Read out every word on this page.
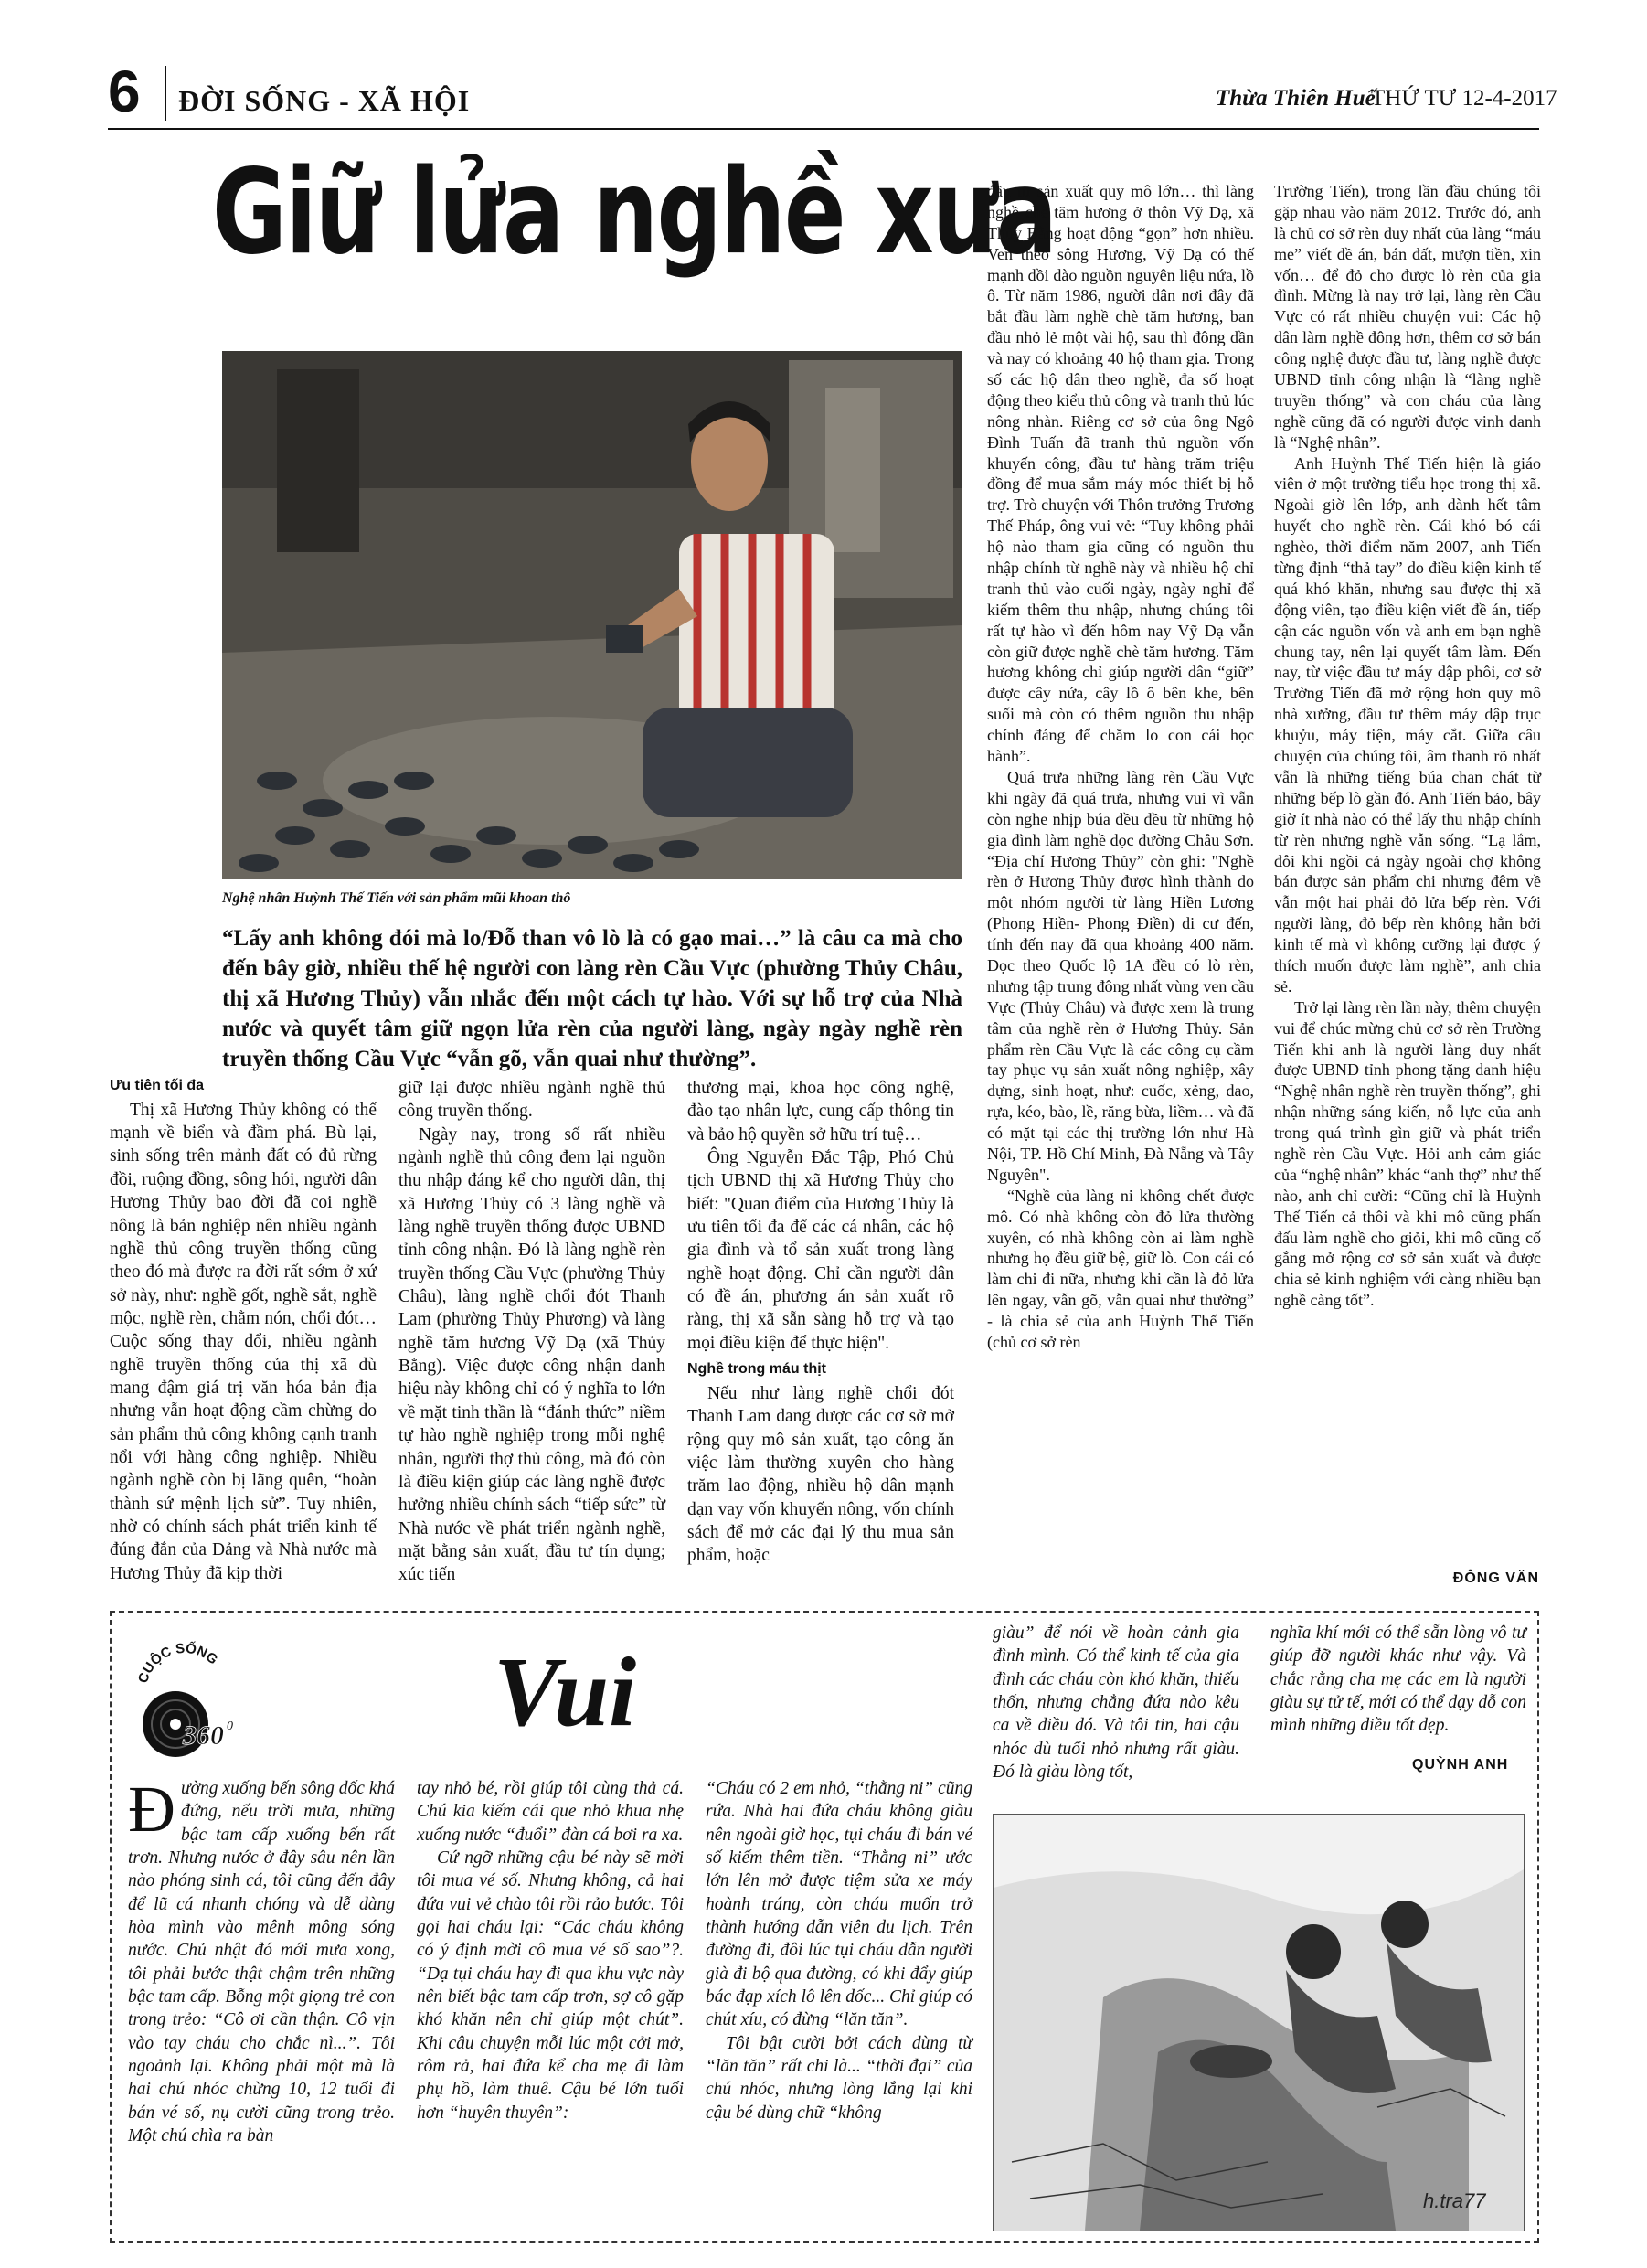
6 ĐỜI SỐNG - XÃ HỘI	Thừa Thiên Huế
THỨ TƯ 12-4-2017
Giữ lửa nghề xưa
Nghệ nhân Huỳnh Thế Tiến với sản phẩm mũi khoan thô
“Lấy anh không đói mà lo/Đỗ than vô lò là có gạo mai…” là câu ca mà cho đến bây giờ, nhiều thế hệ người con làng rèn Cầu Vực (phường Thủy Châu, thị xã Hương Thủy) vẫn nhắc đến một cách tự hào. Với sự hỗ trợ của Nhà nước và quyết tâm giữ ngọn lửa rèn của người làng, ngày ngày nghề rèn truyền thống Cầu Vực “vẫn gõ, vẫn quai như thường”.
Ưu tiên tối đa

Thị xã Hương Thủy không có thế mạnh về biển và đầm phá. Bù lại, sinh sống trên mảnh đất có đủ rừng đồi, ruộng đồng, sông hói, người dân Hương Thủy bao đời đã coi nghề nông là bản nghiệp nên nhiều ngành nghề thủ công truyền thống cũng theo đó mà được ra đời rất sớm ở xứ sở này, như: nghề gốt, nghề sắt, nghề mộc, nghề rèn, chằm nón, chổi đót… Cuộc sống thay đổi, nhiều ngành nghề truyền thống của thị xã dù mang đậm giá trị văn hóa bản địa nhưng vẫn hoạt động cầm chừng do sản phẩm thủ công không cạnh tranh nổi với hàng công nghiệp. Nhiều ngành nghề còn bị lãng quên, “hoàn thành sứ mệnh lịch sử”. Tuy nhiên, nhờ có chính sách phát triển kinh tế đúng đắn của Đảng và Nhà nước mà Hương Thủy đã kịp thời

giữ lại được nhiều ngành nghề thủ công truyền thống.

Ngày nay, trong số rất nhiều ngành nghề thủ công đem lại nguồn thu nhập đáng kể cho người dân, thị xã Hương Thủy có 3 làng nghề và làng nghề truyền thống được UBND tỉnh công nhận. Đó là làng nghề rèn truyền thống Cầu Vực (phường Thủy Châu), làng nghề chổi đót Thanh Lam (phường Thủy Phương) và làng nghề tăm hương Vỹ Dạ (xã Thủy Bằng). Việc được công nhận danh hiệu này không chỉ có ý nghĩa to lớn về mặt tinh thần là “đánh thức” niềm tự hào nghề nghiệp trong mỗi nghệ nhân, người thợ thủ công, mà đó còn là điều kiện giúp các làng nghề được hưởng nhiều chính sách “tiếp sức” từ Nhà nước về phát triển ngành nghề, mặt bằng sản xuất, đầu tư tín dụng; xúc tiến

thương mại, khoa học công nghệ, đào tạo nhân lực, cung cấp thông tin và bảo hộ quyền sở hữu trí tuệ…

Ông Nguyễn Đắc Tập, Phó Chủ tịch UBND thị xã Hương Thủy cho biết: "Quan điểm của Hương Thủy là ưu tiên tối đa để các cá nhân, các hộ gia đình và tổ sản xuất trong làng nghề hoạt động. Chỉ cần người dân có đề án, phương án sản xuất rõ ràng, thị xã sẵn sàng hỗ trợ và tạo mọi điều kiện để thực hiện".

Nghề trong máu thịt

Nếu như làng nghề chổi đót Thanh Lam đang được các cơ sở mở rộng quy mô sản xuất, tạo công ăn việc làm thường xuyên cho hàng trăm lao động, nhiều hộ dân mạnh dạn vay vốn khuyến nông, vốn chính sách để mở các đại lý thu mua sản phẩm, hoặc

đầu tư sản xuất quy mô lớn… thì làng nghề chè tăm hương ở thôn Vỹ Dạ, xã Thủy Bằng hoạt động “gọn” hơn nhiều. Ven theo sông Hương, Vỹ Dạ có thế mạnh dồi dào nguồn nguyên liệu nứa, lồ ô. Từ năm 1986, người dân nơi đây đã bắt đầu làm nghề chè tăm hương, ban đầu nhỏ lẻ một vài hộ, sau thì đông dần và nay có khoảng 40 hộ tham gia. Trong số các hộ dân theo nghề, đa số hoạt động theo kiểu thủ công và tranh thủ lúc nông nhàn. Riêng cơ sở của ông Ngô Đình Tuấn đã tranh thủ nguồn vốn khuyến công, đầu tư hàng trăm triệu đồng để mua sắm máy móc thiết bị hỗ trợ. Trò chuyện với Thôn trưởng Trương Thế Pháp, ông vui vẻ: “Tuy không phải hộ nào tham gia cũng có nguồn thu nhập chính từ nghề này và nhiều hộ chỉ tranh thủ vào cuối ngày, ngày nghỉ để kiếm thêm thu nhập, nhưng chúng tôi rất tự hào vì đến hôm nay Vỹ Dạ vẫn còn giữ được nghề chè tăm hương. Tăm hương không chỉ giúp người dân “giữ” được cây nứa, cây lồ ô bên khe, bên suối mà còn có thêm nguồn thu nhập chính đáng để chăm lo con cái học hành”.

Quá trưa những làng rèn Cầu Vực khi ngày đã quá trưa, nhưng vui vì vẫn còn nghe nhịp búa đều đều từ những hộ gia đình làm nghề dọc đường Châu Sơn. “Địa chí Hương Thủy” còn ghi: "Nghề rèn ở Hương Thủy được hình thành do một nhóm người từ làng Hiền Lương (Phong Hiền- Phong Điền) di cư đến, tính đến nay đã qua khoảng 400 năm. Dọc theo Quốc lộ 1A đều có lò rèn, nhưng tập trung đông nhất vùng ven cầu Vực (Thủy Châu) và được xem là trung tâm của nghề rèn ở Hương Thủy. Sản phẩm rèn Cầu Vực là các công cụ cầm tay phục vụ sản xuất nông nghiệp, xây dựng, sinh hoạt, như: cuốc, xẻng, dao, rựa, kéo, bào, lề, răng bừa, liềm… và đã có mặt tại các thị trường lớn như Hà Nội, TP. Hồ Chí Minh, Đà Nẵng và Tây Nguyên".

“Nghề của làng ni không chết được mô. Có nhà không còn đỏ lửa thường xuyên, có nhà không còn ai làm nghề nhưng họ đều giữ bệ, giữ lò. Con cái có làm chi đi nữa, nhưng khi cần là đỏ lửa lên ngay, vẫn gõ, vẫn quai như thường” - là chia sẻ của anh Huỳnh Thế Tiến (chủ cơ sở rèn

Trường Tiến), trong lần đầu chúng tôi gặp nhau vào năm 2012. Trước đó, anh là chủ cơ sở rèn duy nhất của làng “máu me” viết đề án, bán đất, mượn tiền, xin vốn… để đỏ cho được lò rèn của gia đình. Mừng là nay trở lại, làng rèn Cầu Vực có rất nhiều chuyện vui: Các hộ dân làm nghề đông hơn, thêm cơ sở bán công nghệ được đầu tư, làng nghề được UBND tỉnh công nhận là “làng nghề truyền thống” và con cháu của làng nghề cũng đã có người được vinh danh là “Nghệ nhân”.

Anh Huỳnh Thế Tiến hiện là giáo viên ở một trường tiểu học trong thị xã. Ngoài giờ lên lớp, anh dành hết tâm huyết cho nghề rèn. Cái khó bó cái nghèo, thời điểm năm 2007, anh Tiến từng định “thả tay” do điều kiện kinh tế quá khó khăn, nhưng sau được thị xã động viên, tạo điều kiện viết đề án, tiếp cận các nguồn vốn và anh em bạn nghề chung tay, nên lại quyết tâm làm. Đến nay, từ việc đầu tư máy dập phôi, cơ sở Trường Tiến đã mở rộng hơn quy mô nhà xưởng, đầu tư thêm máy dập trục khuỷu, máy tiện, máy cắt. Giữa câu chuyện của chúng tôi, âm thanh rõ nhất vẫn là những tiếng búa chan chát từ những bếp lò gần đó. Anh Tiến bảo, bây giờ ít nhà nào có thể lấy thu nhập chính từ rèn nhưng nghề vẫn sống. “Lạ lắm, đôi khi ngồi cả ngày ngoài chợ không bán được sản phẩm chi nhưng đêm về vẫn một hai phải đỏ lửa bếp rèn. Với người làng, đỏ bếp rèn không hẳn bởi kinh tế mà vì không cưỡng lại được ý thích muốn được làm nghề”, anh chia sẻ.

Trở lại làng rèn lần này, thêm chuyện vui để chúc mừng chủ cơ sở rèn Trường Tiến khi anh là người làng duy nhất được UBND tỉnh phong tặng danh hiệu “Nghệ nhân nghề rèn truyền thống”, ghi nhận những sáng kiến, nỗ lực của anh trong quá trình gìn giữ và phát triển nghề rèn Cầu Vực. Hỏi anh cảm giác của “nghệ nhân” khác “anh thợ” như thế nào, anh chỉ cười: “Cũng chỉ là Huỳnh Thế Tiến cả thôi và khi mô cũng phấn đấu làm nghề cho giỏi, khi mô cũng cố gắng mở rộng cơ sở sản xuất và được chia sẻ kinh nghiệm với càng nhiều bạn nghề càng tốt”.

ĐÔNG VĂN
CUỘC SỐNG
360 0	Vui

Đường xuống bến sông dốc khá đứng, nếu trời mưa, những bậc tam cấp xuống bến rất trơn. Nhưng nước ở đây sâu nên lần nào phóng sinh cá, tôi cũng đến đây để lũ cá nhanh chóng và dễ dàng hòa mình vào mênh mông sóng nước. Chủ nhật đó mới mưa xong, tôi phải bước thật chậm trên những bậc tam cấp. Bỗng một giọng trẻ con trong trẻo: “Cô ơi cần thận. Cô vịn vào tay cháu cho chắc nì...”. Tôi ngoảnh lại. Không phải một mà là hai chú nhóc chừng 10, 12 tuổi đi bán vé số, nụ cười cũng trong trẻo. Một chú chìa ra bàn

tay nhỏ bé, rồi giúp tôi cùng thả cá. Chú kia kiếm cái que nhỏ khua nhẹ xuống nước “đuổi” đàn cá bơi ra xa.

Cứ ngỡ những cậu bé này sẽ mời tôi mua vé số. Nhưng không, cả hai đứa vui vẻ chào tôi rồi rảo bước. Tôi gọi hai cháu lại: “Các cháu không có ý định mời cô mua vé số sao”?. “Dạ tụi cháu hay đi qua khu vực này nên biết bậc tam cấp trơn, sợ cô gặp khó khăn nên chỉ giúp một chút”. Khi câu chuyện mỗi lúc một cởi mở, rôm rả, hai đứa kể cha mẹ đi làm phụ hồ, làm thuê. Cậu bé lớn tuổi hơn “huyên thuyên”:

“Cháu có 2 em nhỏ, “thằng ni” cũng rứa. Nhà hai đứa cháu không giàu nên ngoài giờ học, tụi cháu đi bán vé số kiếm thêm tiền. “Thằng ni” ước lớn lên mở được tiệm sửa xe máy hoành tráng, còn cháu muốn trở thành hướng dẫn viên du lịch. Trên đường đi, đôi lúc tụi cháu dẫn người già đi bộ qua đường, có khi đẩy giúp bác đạp xích lô lên dốc... Chỉ giúp có chút xíu, có đừng “lăn tăn”.

Tôi bật cười bởi cách dùng từ “lăn tăn” rất chi là... “thời đại” của chú nhóc, nhưng lòng lắng lại khi cậu bé dùng chữ “không

giàu” để nói về hoàn cảnh gia đình mình. Có thể kinh tế của gia đình các cháu còn khó khăn, thiếu thốn, nhưng chẳng đứa nào kêu ca về điều đó. Và tôi tin, hai cậu nhóc dù tuổi nhỏ nhưng rất giàu. Đó là giàu lòng tốt,

nghĩa khí mới có thể sẵn lòng vô tư giúp đỡ người khác như vậy. Và chắc rằng cha mẹ các em là người giàu sự tử tế, mới có thể dạy dỗ con mình những điều tốt đẹp.

QUỲNH ANH
h.tra77
